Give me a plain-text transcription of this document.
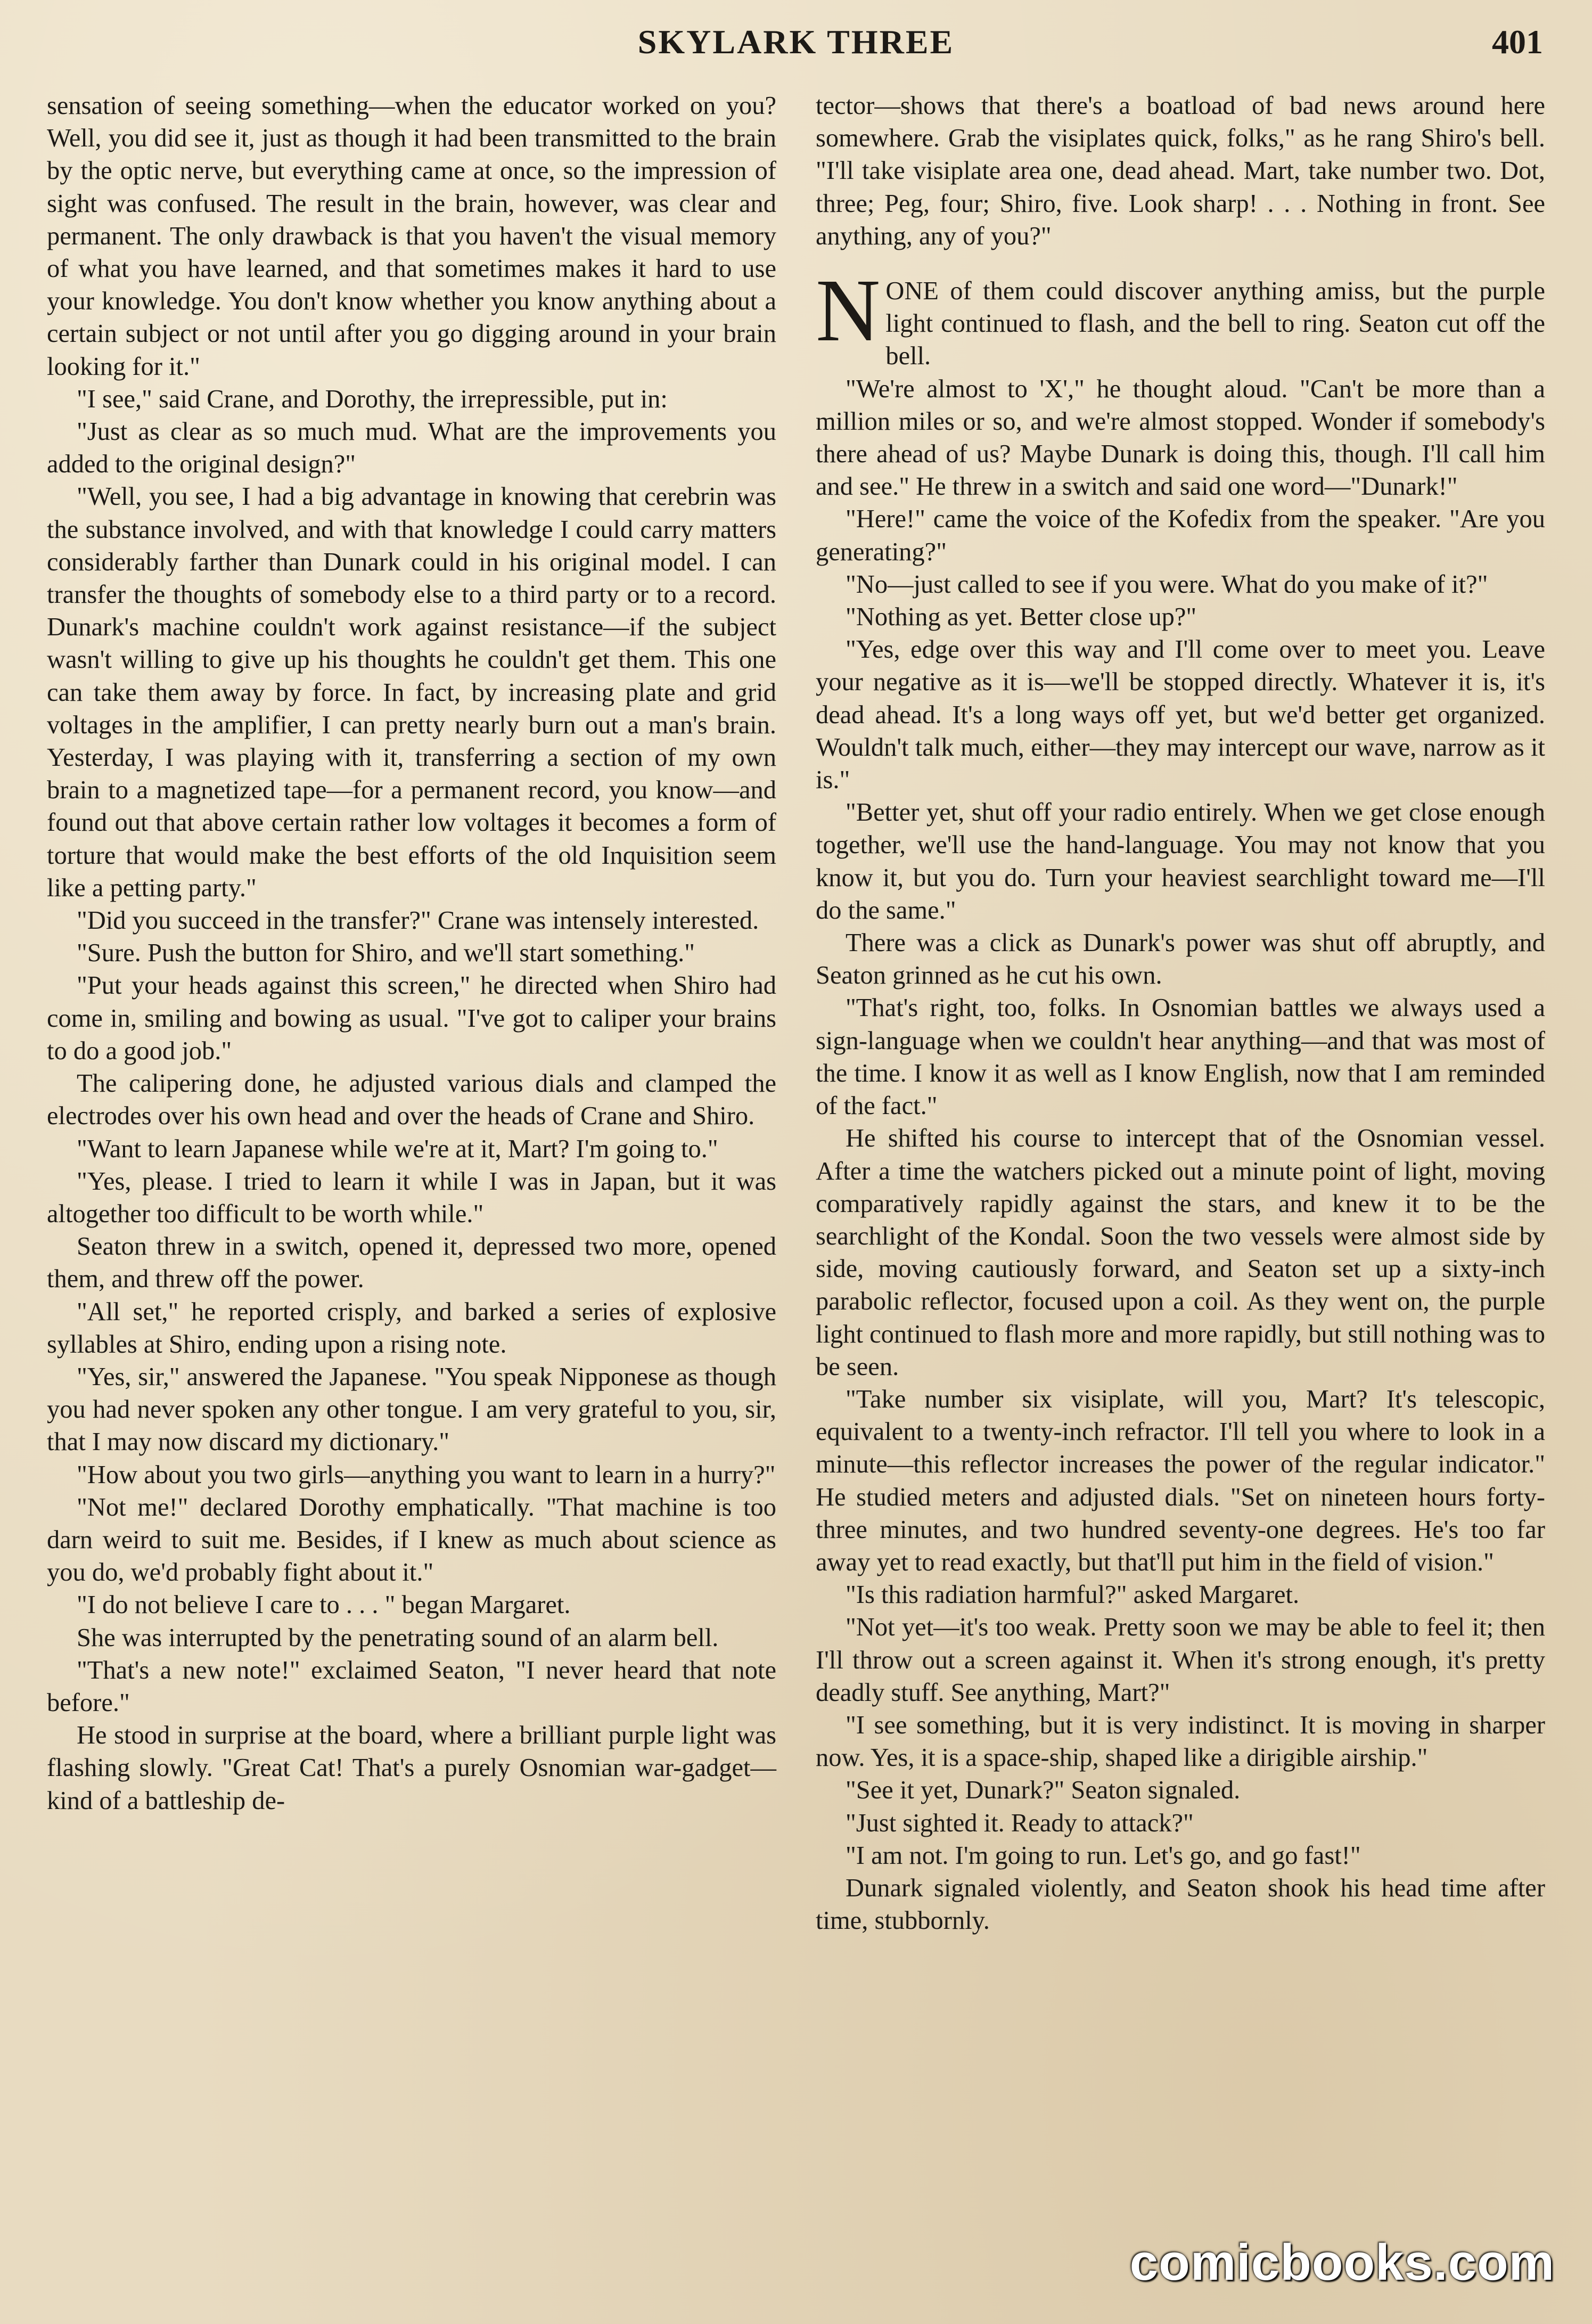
SKYLARK THREE	401

sensation of seeing something—when the educator worked on you? Well, you did see it, just as though it had been transmitted to the brain by the optic nerve, but everything came at once, so the impression of sight was confused. The result in the brain, however, was clear and permanent. The only drawback is that you haven't the visual memory of what you have learned, and that sometimes makes it hard to use your knowledge. You don't know whether you know anything about a certain subject or not until after you go digging around in your brain looking for it."

"I see," said Crane, and Dorothy, the irrepressible, put in:

"Just as clear as so much mud. What are the improvements you added to the original design?"

"Well, you see, I had a big advantage in knowing that cerebrin was the substance involved, and with that knowledge I could carry matters considerably farther than Dunark could in his original model. I can transfer the thoughts of somebody else to a third party or to a record. Dunark's machine couldn't work against resistance—if the subject wasn't willing to give up his thoughts he couldn't get them. This one can take them away by force. In fact, by increasing plate and grid voltages in the amplifier, I can pretty nearly burn out a man's brain. Yesterday, I was playing with it, transferring a section of my own brain to a magnetized tape—for a permanent record, you know—and found out that above certain rather low voltages it becomes a form of torture that would make the best efforts of the old Inquisition seem like a petting party."

"Did you succeed in the transfer?" Crane was intensely interested.

"Sure. Push the button for Shiro, and we'll start something."

"Put your heads against this screen," he directed when Shiro had come in, smiling and bowing as usual. "I've got to caliper your brains to do a good job."

The calipering done, he adjusted various dials and clamped the electrodes over his own head and over the heads of Crane and Shiro.

"Want to learn Japanese while we're at it, Mart? I'm going to."

"Yes, please. I tried to learn it while I was in Japan, but it was altogether too difficult to be worth while."

Seaton threw in a switch, opened it, depressed two more, opened them, and threw off the power.

"All set," he reported crisply, and barked a series of explosive syllables at Shiro, ending upon a rising note.

"Yes, sir," answered the Japanese. "You speak Nipponese as though you had never spoken any other tongue. I am very grateful to you, sir, that I may now discard my dictionary."

"How about you two girls—anything you want to learn in a hurry?"

"Not me!" declared Dorothy emphatically. "That machine is too darn weird to suit me. Besides, if I knew as much about science as you do, we'd probably fight about it."

"I do not believe I care to . . . " began Margaret.

She was interrupted by the penetrating sound of an alarm bell.

"That's a new note!" exclaimed Seaton, "I never heard that note before."

He stood in surprise at the board, where a brilliant purple light was flashing slowly. "Great Cat! That's a purely Osnomian war-gadget—kind of a battleship de-

tector—shows that there's a boatload of bad news around here somewhere. Grab the visiplates quick, folks," as he rang Shiro's bell. "I'll take visiplate area one, dead ahead. Mart, take number two. Dot, three; Peg, four; Shiro, five. Look sharp! . . . Nothing in front. See anything, any of you?"

NONE of them could discover anything amiss, but the purple light continued to flash, and the bell to ring. Seaton cut off the bell.

"We're almost to 'X'," he thought aloud. "Can't be more than a million miles or so, and we're almost stopped. Wonder if somebody's there ahead of us? Maybe Dunark is doing this, though. I'll call him and see." He threw in a switch and said one word—"Dunark!"

"Here!" came the voice of the Kofedix from the speaker. "Are you generating?"

"No—just called to see if you were. What do you make of it?"

"Nothing as yet. Better close up?"

"Yes, edge over this way and I'll come over to meet you. Leave your negative as it is—we'll be stopped directly. Whatever it is, it's dead ahead. It's a long ways off yet, but we'd better get organized. Wouldn't talk much, either—they may intercept our wave, narrow as it is."

"Better yet, shut off your radio entirely. When we get close enough together, we'll use the hand-language. You may not know that you know it, but you do. Turn your heaviest searchlight toward me—I'll do the same."

There was a click as Dunark's power was shut off abruptly, and Seaton grinned as he cut his own.

"That's right, too, folks. In Osnomian battles we always used a sign-language when we couldn't hear anything—and that was most of the time. I know it as well as I know English, now that I am reminded of the fact."

He shifted his course to intercept that of the Osnomian vessel. After a time the watchers picked out a minute point of light, moving comparatively rapidly against the stars, and knew it to be the searchlight of the Kondal. Soon the two vessels were almost side by side, moving cautiously forward, and Seaton set up a sixty-inch parabolic reflector, focused upon a coil. As they went on, the purple light continued to flash more and more rapidly, but still nothing was to be seen.

"Take number six visiplate, will you, Mart? It's telescopic, equivalent to a twenty-inch refractor. I'll tell you where to look in a minute—this reflector increases the power of the regular indicator." He studied meters and adjusted dials. "Set on nineteen hours forty-three minutes, and two hundred seventy-one degrees. He's too far away yet to read exactly, but that'll put him in the field of vision."

"Is this radiation harmful?" asked Margaret.

"Not yet—it's too weak. Pretty soon we may be able to feel it; then I'll throw out a screen against it. When it's strong enough, it's pretty deadly stuff. See anything, Mart?"

"I see something, but it is very indistinct. It is moving in sharper now. Yes, it is a space-ship, shaped like a dirigible airship."

"See it yet, Dunark?" Seaton signaled.

"Just sighted it. Ready to attack?"

"I am not. I'm going to run. Let's go, and go fast!"

Dunark signaled violently, and Seaton shook his head time after time, stubbornly.

comicbooks.com
